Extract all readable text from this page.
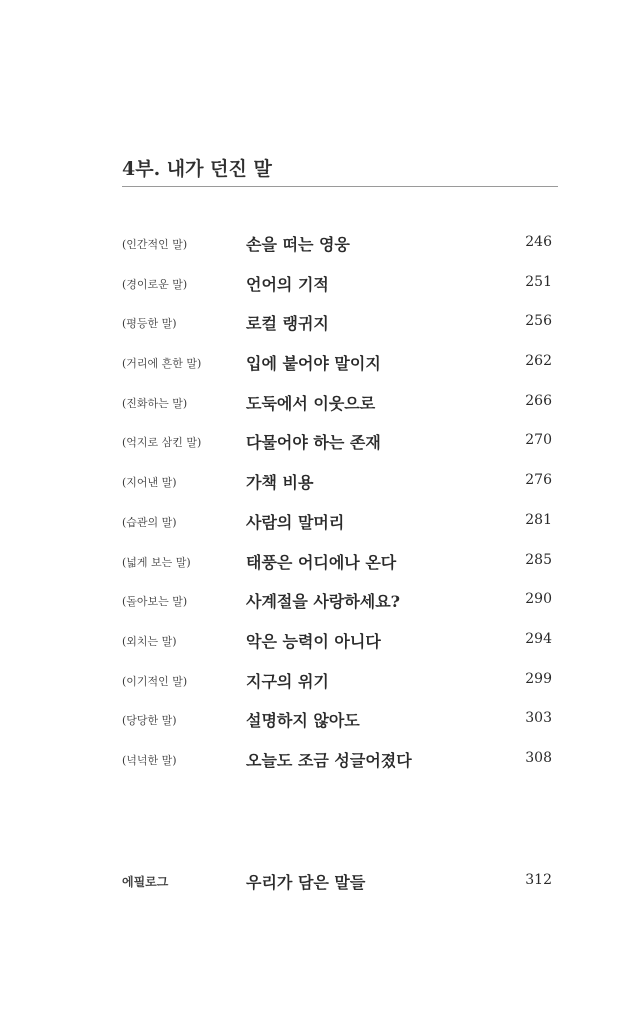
4부. 내가 던진 말
(인간적인 말)	손을 떠는 영웅	246
(경이로운 말)	언어의 기적	251
(평등한 말)	로컬 랭귀지	256
(거리에 흔한 말)	입에 붙어야 말이지	262
(진화하는 말)	도둑에서 이웃으로	266
(억지로 삼킨 말)	다물어야 하는 존재	270
(지어낸 말)	가책 비용	276
(습관의 말)	사람의 말머리	281
(넓게 보는 말)	태풍은 어디에나 온다	285
(돌아보는 말)	사계절을 사랑하세요?	290
(외치는 말)	악은 능력이 아니다	294
(이기적인 말)	지구의 위기	299
(당당한 말)	설명하지 않아도	303
(넉넉한 말)	오늘도 조금 성글어졌다	308
에필로그	우리가 담은 말들	312
